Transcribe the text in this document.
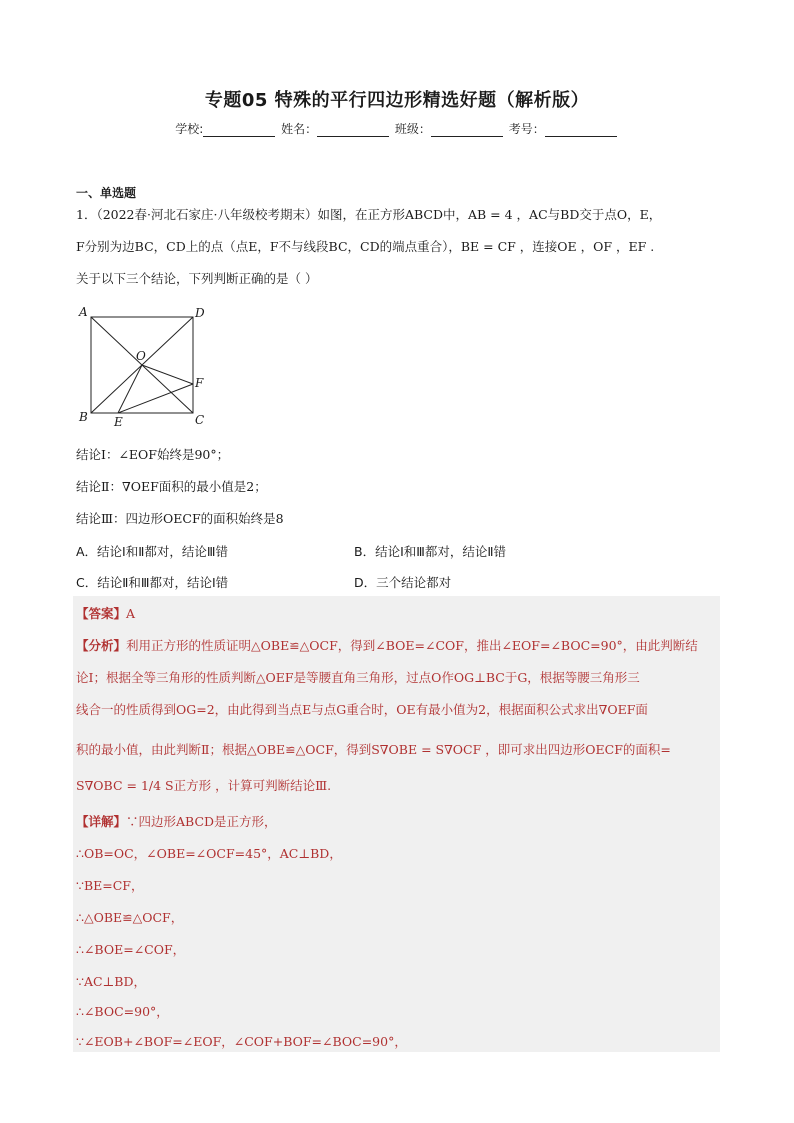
专题05 特殊的平行四边形精选好题（解析版）
学校:	姓名：	班级：	考号：
一、单选题
1．（2022春·河北石家庄·八年级校考期末）如图，在正方形ABCD中，AB = 4 ，AC与BD交于点O，E，
F分别为边BC，CD上的点（点E，F不与线段BC，CD的端点重合），BE = CF ，连接OE ，OF ，EF .
关于以下三个结论，下列判断正确的是（ ）
A	D
B	C
O
F
E
结论Ⅰ：∠EOF始终是90°；
结论Ⅱ：∇OEF面积的最小值是2；
结论Ⅲ：四边形OECF的面积始终是8
A．结论Ⅰ和Ⅱ都对，结论Ⅲ错	B．结论Ⅰ和Ⅲ都对，结论Ⅱ错
C．结论Ⅱ和Ⅲ都对，结论Ⅰ错	D．三个结论都对
【答案】A
【分析】利用正方形的性质证明△OBE≌△OCF，得到∠BOE=∠COF，推出∠EOF=∠BOC=90°，由此判断结
论Ⅰ；根据全等三角形的性质判断△OEF是等腰直角三角形，过点O作OG⊥BC于G，根据等腰三角形三
线合一的性质得到OG=2，由此得到当点E与点G重合时，OE有最小值为2，根据面积公式求出∇OEF面
积的最小值，由此判断Ⅱ；根据△OBE≌△OCF，得到S∇OBE = S∇OCF ，即可求出四边形OECF的面积=
S∇OBC = 1/4 S正方形 ，计算可判断结论Ⅲ.
【详解】∵四边形ABCD是正方形，
∴OB=OC，∠OBE=∠OCF=45°，AC⊥BD，
∵BE=CF，
∴△OBE≌△OCF，
∴∠BOE=∠COF，
∵AC⊥BD，
∴∠BOC=90°，
∵∠EOB+∠BOF=∠EOF，∠COF+BOF=∠BOC=90°，
